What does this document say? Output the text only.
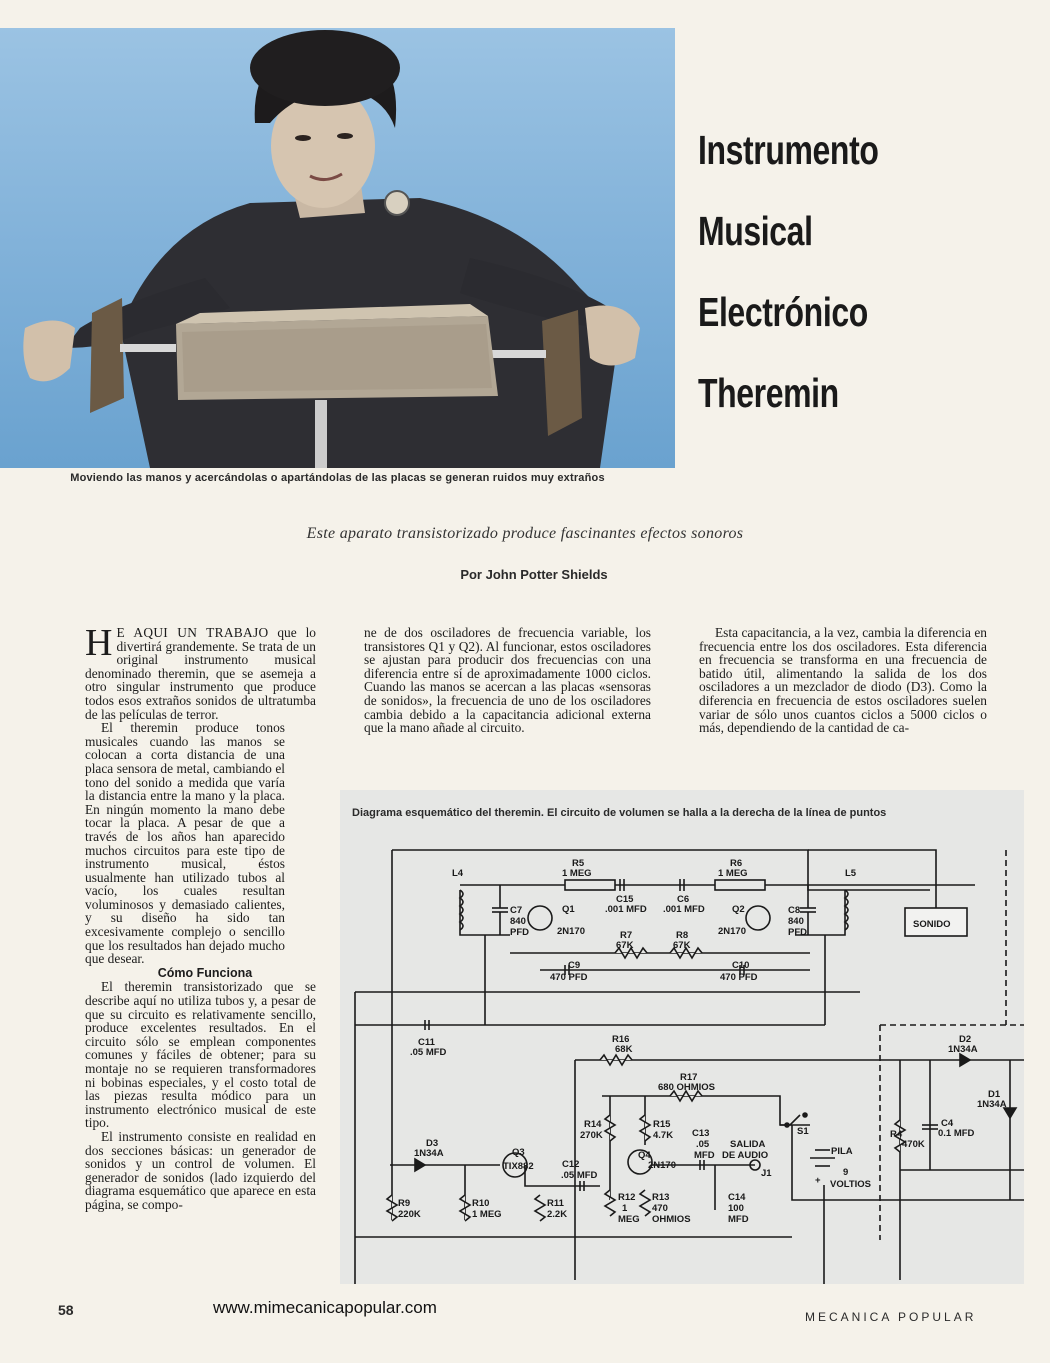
Moviendo las manos y acercándolas o apartándolas de las placas se generan ruidos muy extraños
Instrumento
Musical
Electrónico
Theremin
Este aparato transistorizado produce fascinantes efectos sonoros
Por John Potter Shields

H E AQUI UN TRABAJO que lo divertirá grandemente. Se trata de un original instrumento musical denominado theremin, que se asemeja a otro singular instrumento que produce todos esos extraños sonidos de ultratumba de las películas de terror.

El theremin produce tonos musicales cuando las manos se colocan a corta distancia de una placa sensora de metal, cambiando el tono del sonido a medida que varía la distancia entre la mano y la placa. En ningún momento la mano debe tocar la placa. A pesar de que a través de los años han aparecido muchos circuitos para este tipo de instrumento musical, éstos usualmente han utilizado tubos al vacío, los cuales resultan voluminosos y demasiado calientes, y su diseño ha sido tan excesivamente complejo o sencillo que los resultados han dejado mucho que desear.

Cómo Funciona

El theremin transistorizado que se describe aquí no utiliza tubos y, a pesar de que su circuito es relativamente sencillo, produce excelentes resultados. En el circuito sólo se emplean componentes comunes y fáciles de obtener; para su montaje no se requieren transformadores ni bobinas especiales, y el costo total de las piezas resulta módico para un instrumento electrónico musical de este tipo.

El instrumento consiste en realidad en dos secciones básicas: un generador de sonidos y un control de volumen. El generador de sonidos (lado izquierdo del diagrama esquemático que aparece en esta página, se compo-

ne de dos osciladores de frecuencia variable, los transistores Q1 y Q2). Al funcionar, estos osciladores se ajustan para producir dos frecuencias con una diferencia entre sí de aproximadamente 1000 ciclos. Cuando las manos se acercan a las placas «sensoras de sonidos», la frecuencia de uno de los osciladores cambia debido a la capacitancia adicional externa que la mano añade al circuito.

Esta capacitancia, a la vez, cambia la diferencia en frecuencia entre los dos osciladores. Esta diferencia en frecuencia se transforma en una frecuencia de batido útil, alimentando la salida de los dos osciladores a un mezclador de diodo (D3). Como la diferencia en frecuencia de estos osciladores suelen variar de sólo unos cuantos ciclos a 5000 ciclos o más, dependiendo de la cantidad de ca-

Diagrama esquemático del theremin. El circuito de volumen se halla a la derecha de la línea de puntos
L4	L5
R5
1 MEG
R6
1 MEG
C15
.001 MFD
C6
.001 MFD
C7
840
PFD
C8
840
PFD
Q1
2N170
Q2
2N170
R7
67K
R8
67K
C9
470 PFD
C10
470 PFD
SONIDO
C11
.05 MFD
R16
68K
D2
1N34A
D1
1N34A
R17
680 OHMIOS
R14
270K
R15
4.7K C13
.05
MFD
SALIDA
DE AUDIO
S1
PILA
9
VOLTIOS
+
R4
470K
C4
0.1 MFD
D3
1N34A	Q3
TIX882	C12
.05 MFD
Q4
2N170
J1
R9
220K
R10
1 MEG
R11
2.2K
R12
1
MEG
R13
470
OHMIOS
C14
100
MFD
58	www.mimecanicapopular.com	MECANICA POPULAR
